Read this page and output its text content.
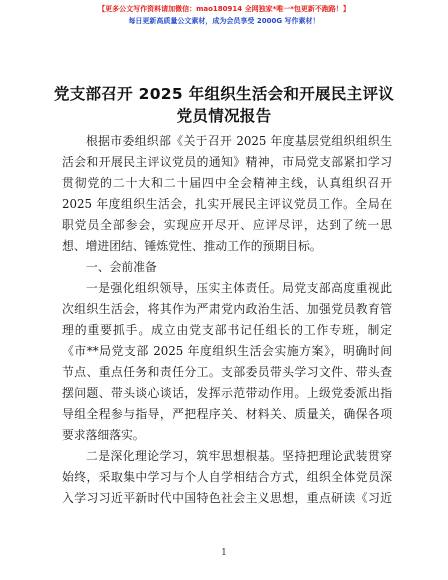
【更多公文写作资料请加微信：mao180914 全网独家*唯一*包更新不跑路！】
每日更新高质量公文素材，成为会员享受 2000G 写作素材！
党支部召开 2025 年组织生活会和开展民主评议
党员情况报告
根据市委组织部《关于召开 2025 年度基层党组织组织生
活会和开展民主评议党员的通知》精神，市局党支部紧扣学习
贯彻党的二十大和二十届四中全会精神主线，认真组织召开
2025 年度组织生活会，扎实开展民主评议党员工作。全局在
职党员全部参会，实现应开尽开、应评尽评，达到了统一思
想、增进团结、锤炼党性、推动工作的预期目标。
一、会前准备
一是强化组织领导，压实主体责任。局党支部高度重视此
次组织生活会，将其作为严肃党内政治生活、加强党员教育管
理的重要抓手。成立由党支部书记任组长的工作专班，制定
《市**局党支部 2025 年度组织生活会实施方案》，明确时间
节点、重点任务和责任分工。支部委员带头学习文件、带头查
摆问题、带头谈心谈话，发挥示范带动作用。上级党委派出指
导组全程参与指导，严把程序关、材料关、质量关，确保各项
要求落细落实。
二是深化理论学习，筑牢思想根基。坚持把理论武装贯穿
始终，采取集中学习与个人自学相结合方式，组织全体党员深
入学习习近平新时代中国特色社会主义思想，重点研读《习近
1
